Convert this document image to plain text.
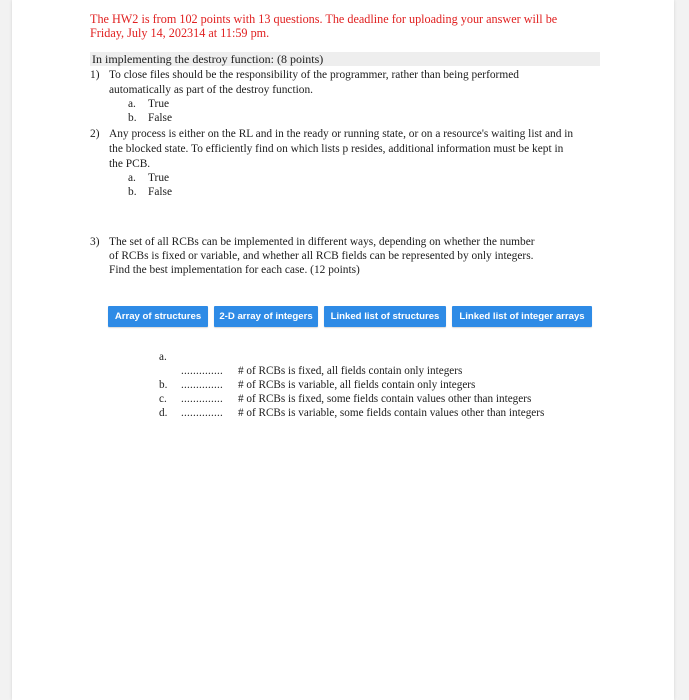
The HW2 is from 102 points with 13 questions. The deadline for uploading your answer will be
Friday, July 14, 202314 at 11:59 pm.
In implementing the destroy function: (8 points)
1) To close files should be the responsibility of the programmer, rather than being performed
automatically as part of the destroy function.
a. True
b. False
2) Any process is either on the RL and in the ready or running state, or on a resource's waiting list and in
the blocked state. To efficiently find on which lists p resides, additional information must be kept in
the PCB.
a. True
b. False
3) The set of all RCBs can be implemented in different ways, depending on whether the number
of RCBs is fixed or variable, and whether all RCB fields can be represented by only integers.
Find the best implementation for each case. (12 points)
Array of structures	2-D array of integers	Linked list of structures	Linked list of integer arrays
a.
.............. # of RCBs is fixed, all fields contain only integers
b.	.............. # of RCBs is variable, all fields contain only integers
c.	.............. # of RCBs is fixed, some fields contain values other than integers
d.	.............. # of RCBs is variable, some fields contain values other than integers
